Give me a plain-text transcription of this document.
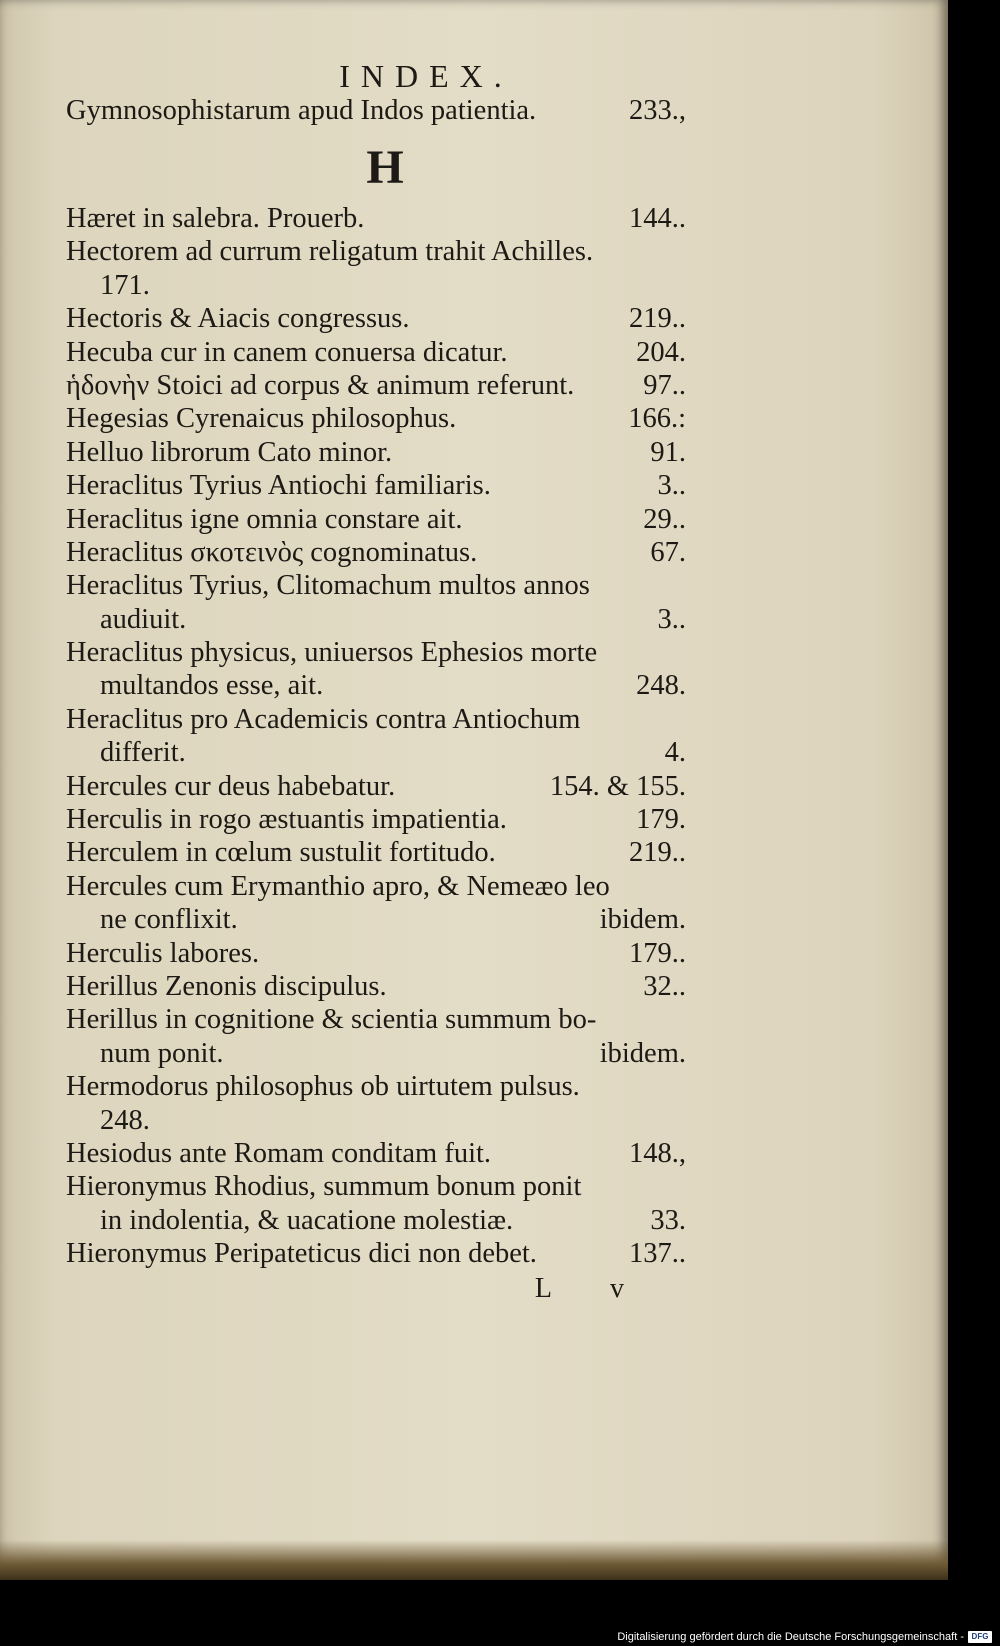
INDEX.
Gymnosophistarum apud Indos patientia.	233.,
H
Hæret in salebra. Prouerb.	144..
Hectorem ad currum religatum trahit Achilles.
171.
Hectoris & Aiacis congressus.	219..
Hecuba cur in canem conuersa dicatur.	204.
ἡδονὴν Stoici ad corpus & animum referunt.	97..
Hegesias Cyrenaicus philosophus.	166.:
Helluo librorum Cato minor.	91.
Heraclitus Tyrius Antiochi familiaris.	3..
Heraclitus igne omnia constare ait.	29..
Heraclitus σκοτεινὸς cognominatus.	67.
Heraclitus Tyrius, Clitomachum multos annos
audiuit.	3..
Heraclitus physicus, uniuersos Ephesios morte
multandos esse, ait.	248.
Heraclitus pro Academicis contra Antiochum
differit.	4.
Hercules cur deus habebatur.	154. & 155.
Herculis in rogo æstuantis impatientia.	179.
Herculem in cœlum sustulit fortitudo.	219..
Hercules cum Erymanthio apro, & Nemeæo leo
ne conflixit.	ibidem.
Herculis labores.	179..
Herillus Zenonis discipulus.	32..
Herillus in cognitione & scientia summum bo-
num ponit.	ibidem.
Hermodorus philosophus ob uirtutem pulsus.
248.
Hesiodus ante Romam conditam fuit.	148.,
Hieronymus Rhodius, summum bonum ponit
in indolentia, & uacatione molestiæ.	33.
Hieronymus Peripateticus dici non debet.	137..
L v
Digitalisierung gefördert durch die Deutsche Forschungsgemeinschaft - DFG
